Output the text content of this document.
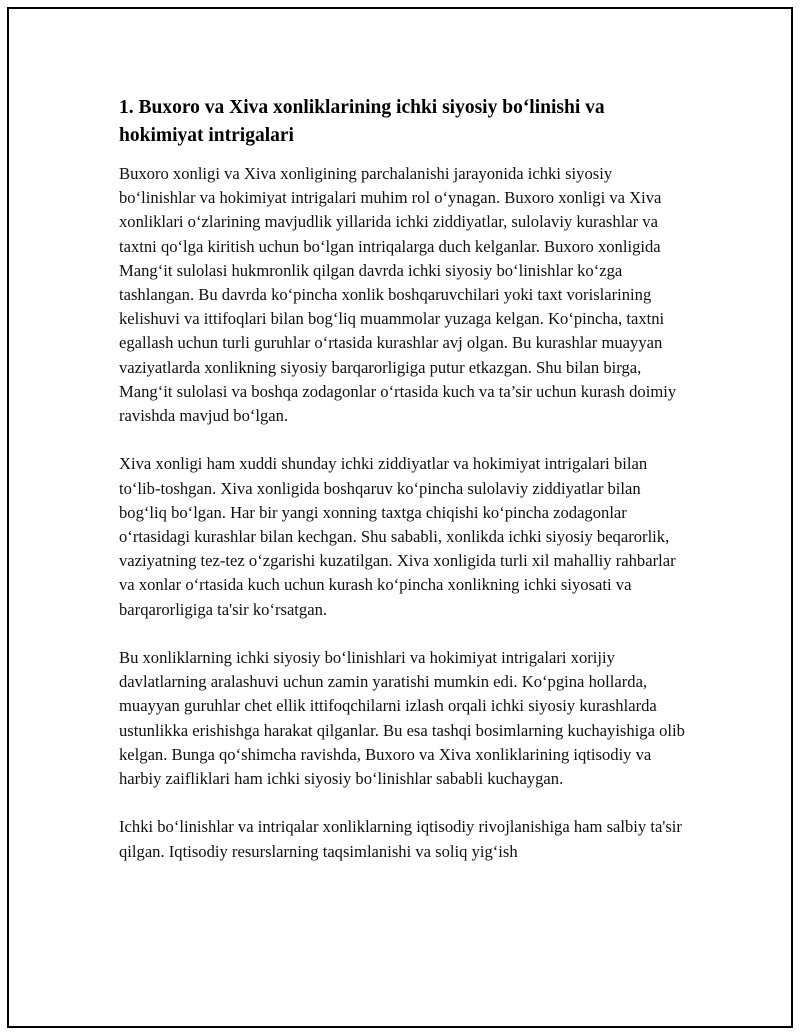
1. Buxoro va Xiva xonliklarining ichki siyosiy bo‘linishi va hokimiyat intrigalari

Buxoro xonligi va Xiva xonligining parchalanishi jarayonida ichki siyosiy bo‘linishlar va hokimiyat intrigalari muhim rol o‘ynagan. Buxoro xonligi va Xiva xonliklari o‘zlarining mavjudlik yillarida ichki ziddiyatlar, sulolaviy kurashlar va taxtni qo‘lga kiritish uchun bo‘lgan intriqalarga duch kelganlar. Buxoro xonligida Mang‘it sulolasi hukmronlik qilgan davrda ichki siyosiy bo‘linishlar ko‘zga tashlangan. Bu davrda ko‘pincha xonlik boshqaruvchilari yoki taxt vorislarining kelishuvi va ittifoqlari bilan bog‘liq muammolar yuzaga kelgan. Ko‘pincha, taxtni egallash uchun turli guruhlar o‘rtasida kurashlar avj olgan. Bu kurashlar muayyan vaziyatlarda xonlikning siyosiy barqarorligiga putur etkazgan. Shu bilan birga, Mang‘it sulolasi va boshqa zodagonlar o‘rtasida kuch va ta’sir uchun kurash doimiy ravishda mavjud bo‘lgan.

Xiva xonligi ham xuddi shunday ichki ziddiyatlar va hokimiyat intrigalari bilan to‘lib-toshgan. Xiva xonligida boshqaruv ko‘pincha sulolaviy ziddiyatlar bilan bog‘liq bo‘lgan. Har bir yangi xonning taxtga chiqishi ko‘pincha zodagonlar o‘rtasidagi kurashlar bilan kechgan. Shu sababli, xonlikda ichki siyosiy beqarorlik, vaziyatning tez-tez o‘zgarishi kuzatilgan. Xiva xonligida turli xil mahalliy rahbarlar va xonlar o‘rtasida kuch uchun kurash ko‘pincha xonlikning ichki siyosati va barqarorligiga ta'sir ko‘rsatgan.

Bu xonliklarning ichki siyosiy bo‘linishlari va hokimiyat intrigalari xorijiy davlatlarning aralashuvi uchun zamin yaratishi mumkin edi. Ko‘pgina hollarda, muayyan guruhlar chet ellik ittifoqchilarni izlash orqali ichki siyosiy kurashlarda ustunlikka erishishga harakat qilganlar. Bu esa tashqi bosimlarning kuchayishiga olib kelgan. Bunga qo‘shimcha ravishda, Buxoro va Xiva xonliklarining iqtisodiy va harbiy zaifliklari ham ichki siyosiy bo‘linishlar sababli kuchaygan.

Ichki bo‘linishlar va intriqalar xonliklarning iqtisodiy rivojlanishiga ham salbiy ta'sir qilgan. Iqtisodiy resurslarning taqsimlanishi va soliq yig‘ish
